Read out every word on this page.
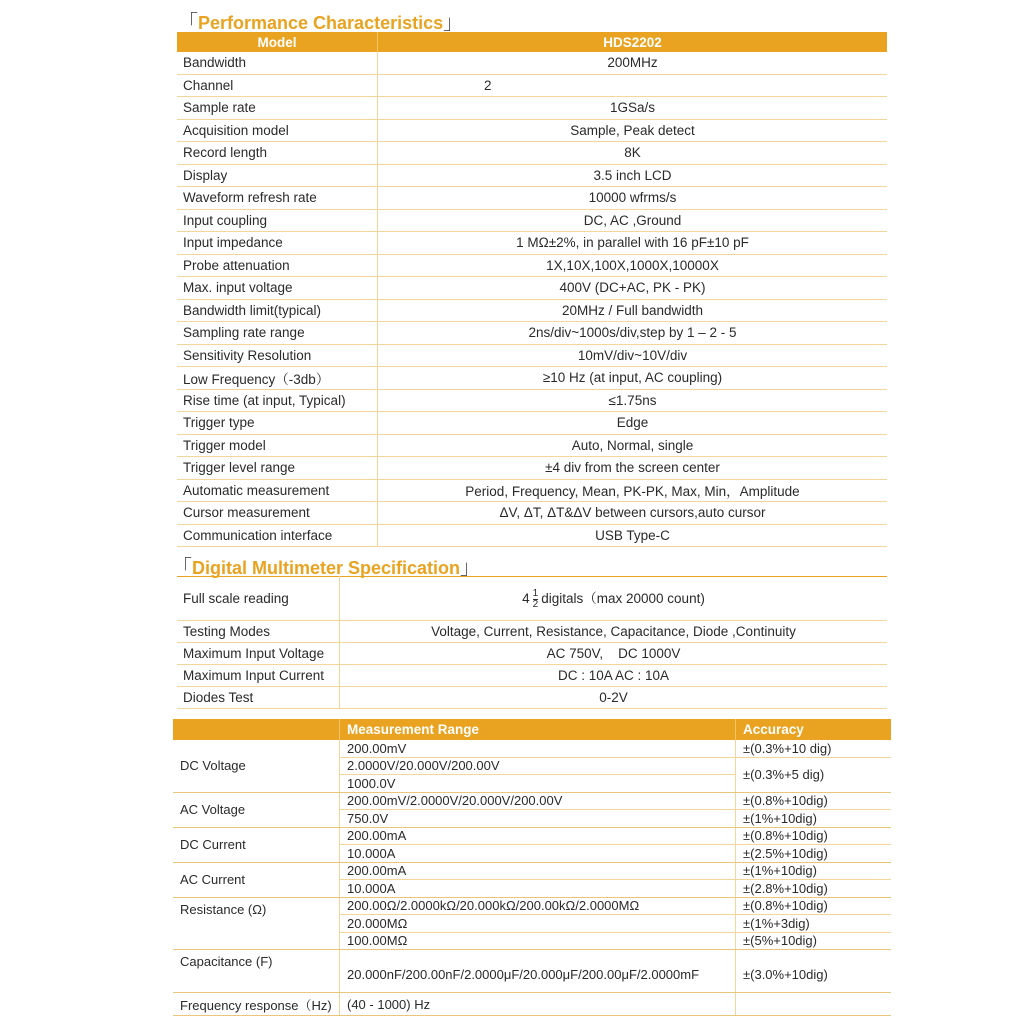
「Performance Characteristics」
Model	HDS2202
Bandwidth	200MHz
Channel	2
Sample rate	1GSa/s
Acquisition model	Sample, Peak detect
Record length	8K
Display	3.5 inch LCD
Waveform refresh rate	10000 wfrms/s
Input coupling	DC, AC ,Ground
Input impedance	1 MΩ±2%, in parallel with 16 pF±10 pF
Probe attenuation	1X,10X,100X,1000X,10000X
Max. input voltage	400V (DC+AC, PK - PK)
Bandwidth limit(typical)	20MHz / Full bandwidth
Sampling rate range	2ns/div~1000s/div,step by 1 – 2 - 5
Sensitivity Resolution	10mV/div~10V/div
Low Frequency（-3db）	≥10 Hz (at input, AC coupling)
Rise time (at input, Typical)	≤1.75ns
Trigger type	Edge
Trigger model	Auto, Normal, single
Trigger level range	±4 div from the screen center
Automatic measurement	Period, Frequency, Mean, PK-PK, Max, Min，Amplitude
Cursor measurement	ΔV, ΔT, ΔT&ΔV between cursors,auto cursor
Communication interface	USB Type-C
「Digital Multimeter Specification」
Full scale reading	$4 \frac{1}{2}$ digitals（max 20000 count)
Testing Modes	Voltage, Current, Resistance, Capacitance, Diode ,Continuity
Maximum Input Voltage	AC 750V,    DC 1000V
Maximum Input Current	DC : 10A AC : 10A
Diodes Test	0-2V
	Measurement Range	Accuracy
DC Voltage	200.00mV	±(0.3%+10 dig)
	2.0000V/20.000V/200.00V	±(0.3%+5 dig)
	1000.0V	
AC Voltage	200.00mV/2.0000V/20.000V/200.00V	±(0.8%+10dig)
	750.0V	±(1%+10dig)
DC Current	200.00mA	±(0.8%+10dig)
	10.000A	±(2.5%+10dig)
AC Current	200.00mA	±(1%+10dig)
	10.000A	±(2.8%+10dig)
Resistance (Ω)	200.00Ω/2.0000kΩ/20.000kΩ/200.00kΩ/2.0000MΩ	±(0.8%+10dig)
	20.000MΩ	±(1%+3dig)
	100.00MΩ	±(5%+10dig)
Capacitance (F)	20.000nF/200.00nF/2.0000μF/20.000μF/200.00μF/2.0000mF	±(3.0%+10dig)
Frequency response（Hz)	(40 - 1000) Hz	
